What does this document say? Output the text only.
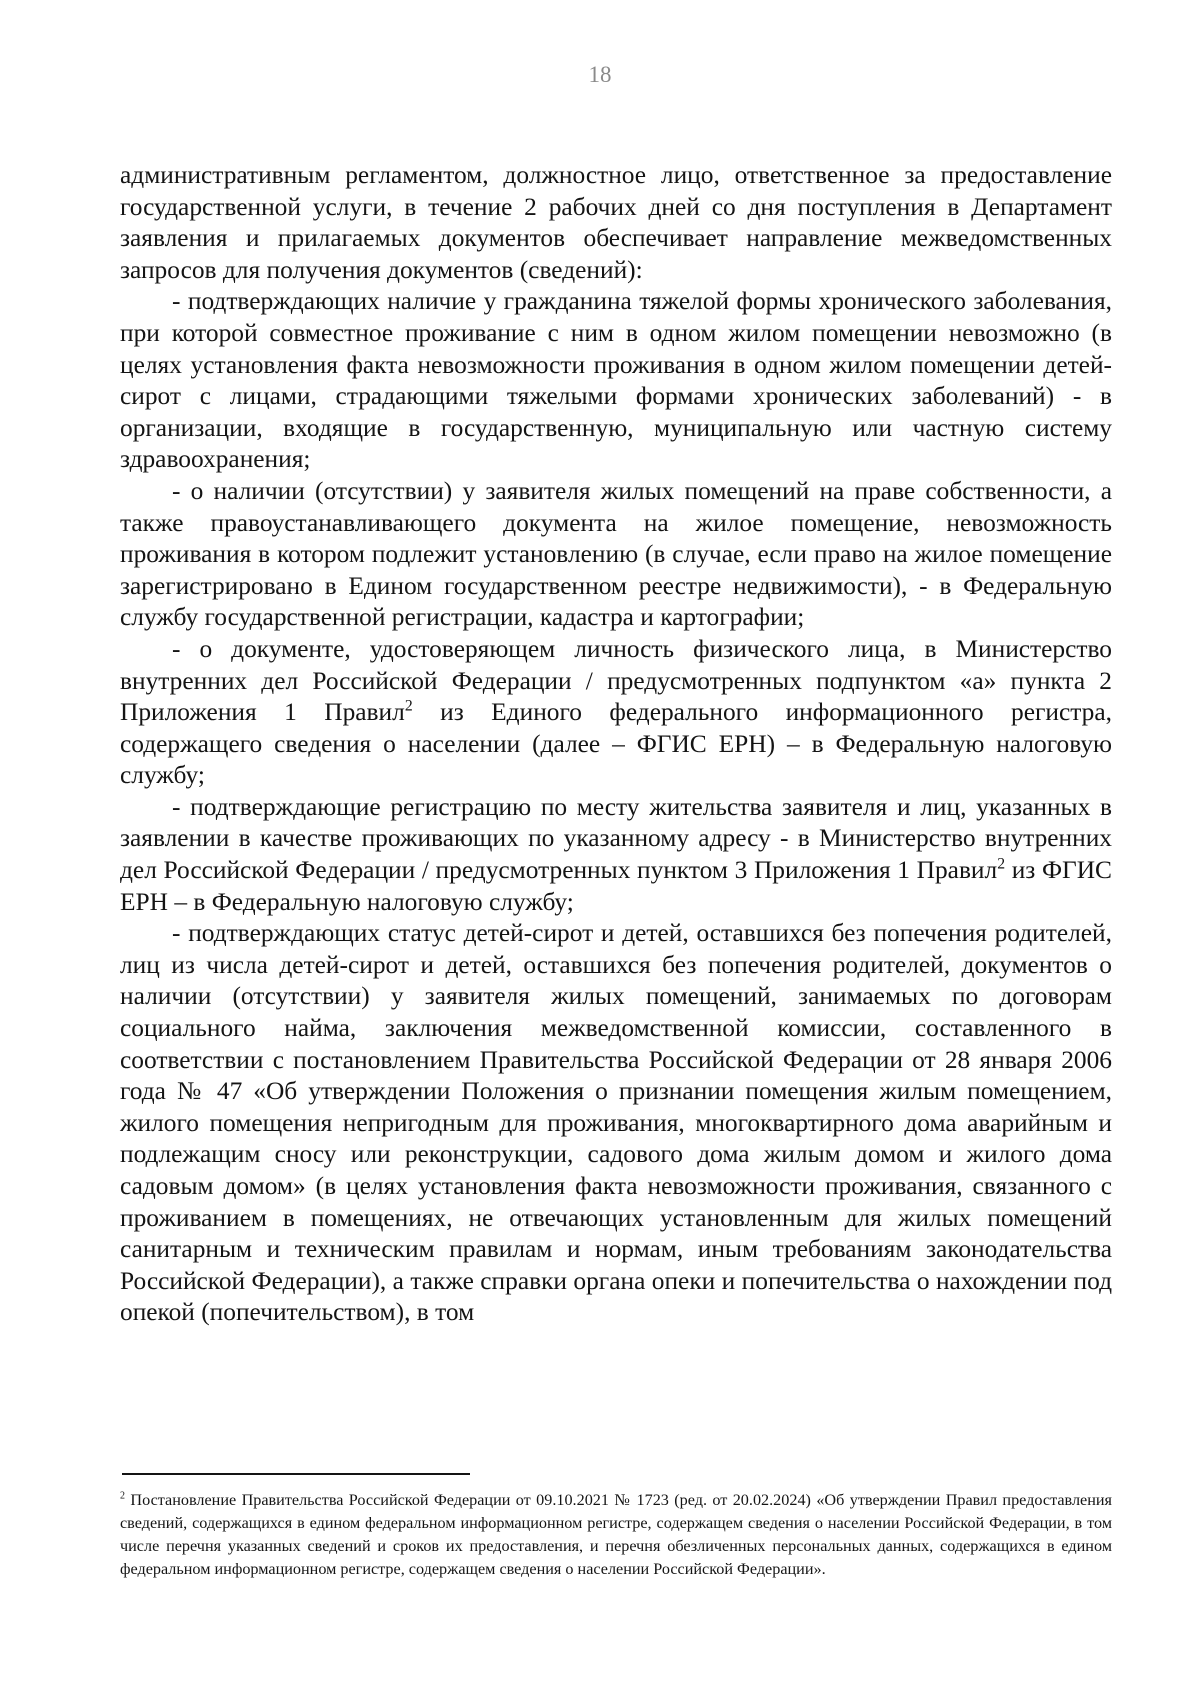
18

административным регламентом, должностное лицо, ответственное за предоставление государственной услуги, в течение 2 рабочих дней со дня поступления в Департамент заявления и прилагаемых документов обеспечивает направление межведомственных запросов для получения документов (сведений):

- подтверждающих наличие у гражданина тяжелой формы хронического заболевания, при которой совместное проживание с ним в одном жилом помещении невозможно (в целях установления факта невозможности проживания в одном жилом помещении детей-сирот с лицами, страдающими тяжелыми формами хронических заболеваний) - в организации, входящие в государственную, муниципальную или частную систему здравоохранения;

- о наличии (отсутствии) у заявителя жилых помещений на праве собственности, а также правоустанавливающего документа на жилое помещение, невозможность проживания в котором подлежит установлению (в случае, если право на жилое помещение зарегистрировано в Едином государственном реестре недвижимости), - в Федеральную службу государственной регистрации, кадастра и картографии;

- о документе, удостоверяющем личность физического лица, в Министерство внутренних дел Российской Федерации / предусмотренных подпунктом «а» пункта 2 Приложения 1 Правил$^2$ из Единого федерального информационного регистра, содержащего сведения о населении (далее – ФГИС ЕРН) – в Федеральную налоговую службу;

- подтверждающие регистрацию по месту жительства заявителя и лиц, указанных в заявлении в качестве проживающих по указанному адресу - в Министерство внутренних дел Российской Федерации / предусмотренных пунктом 3 Приложения 1 Правил$^2$ из ФГИС ЕРН – в Федеральную налоговую службу;

- подтверждающих статус детей-сирот и детей, оставшихся без попечения родителей, лиц из числа детей-сирот и детей, оставшихся без попечения родителей, документов о наличии (отсутствии) у заявителя жилых помещений, занимаемых по договорам социального найма, заключения межведомственной комиссии, составленного в соответствии с постановлением Правительства Российской Федерации от 28 января 2006 года № 47 «Об утверждении Положения о признании помещения жилым помещением, жилого помещения непригодным для проживания, многоквартирного дома аварийным и подлежащим сносу или реконструкции, садового дома жилым домом и жилого дома садовым домом» (в целях установления факта невозможности проживания, связанного с проживанием в помещениях, не отвечающих установленным для жилых помещений санитарным и техническим правилам и нормам, иным требованиям законодательства Российской Федерации), а также справки органа опеки и попечительства о нахождении под опекой (попечительством), в том

$^2$ Постановление Правительства Российской Федерации от 09.10.2021 № 1723 (ред. от 20.02.2024) «Об утверждении Правил предоставления сведений, содержащихся в едином федеральном информационном регистре, содержащем сведения о населении Российской Федерации, в том числе перечня указанных сведений и сроков их предоставления, и перечня обезличенных персональных данных, содержащихся в едином федеральном информационном регистре, содержащем сведения о населении Российской Федерации».
